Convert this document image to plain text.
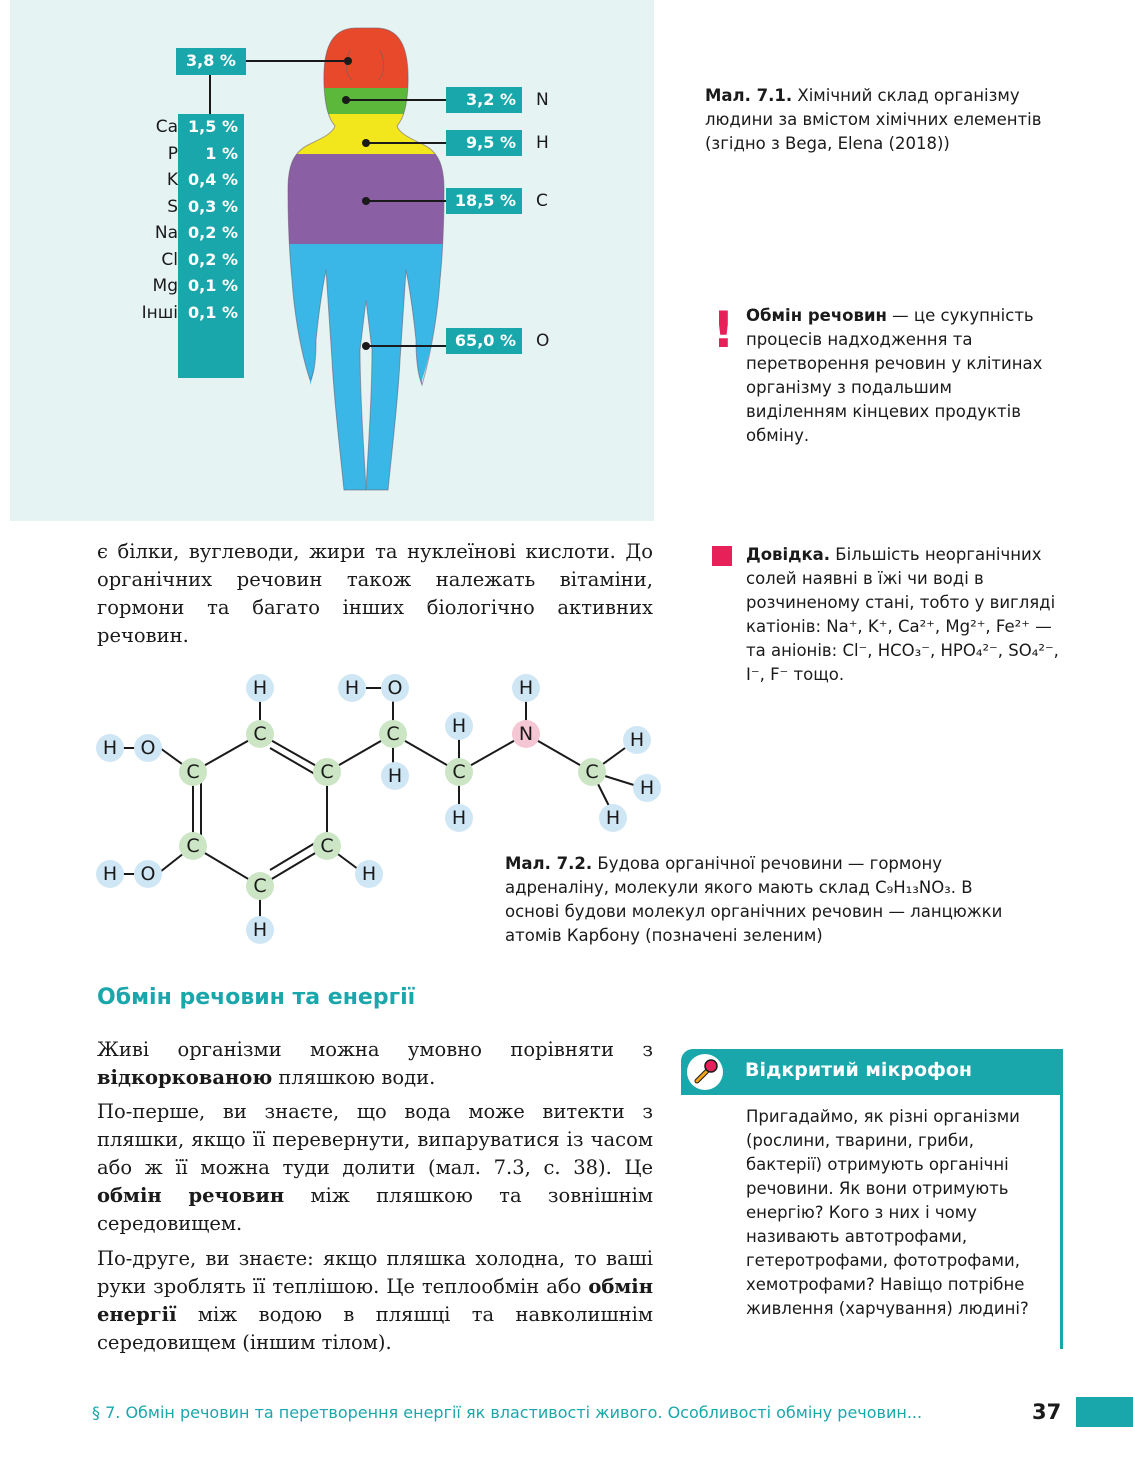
3,8 %
Ca 1,5 %
P	1 %
K 0,4 %
S 0,3 %
Na 0,2 %
Cl 0,2 %
Mg 0,1 %
Інші 0,1 %
3,2 %	N
9,5 %	H
18,5 %	C
65,0 %	O
Мал. 7.1. Хімічний склад організму людини за вмістом хімічних елементів (згідно з Bega, Elena (2018))
! Обмін речовин — це сукупність процесів надходження та перетворення речовин у клітинах організму з подальшим виділенням кінцевих продуктів обміну.
Довідка. Більшість неорганічних солей наявні в їжі чи воді в розчиненому стані, тобто у вигляді катіонів: Na⁺, K⁺, Ca²⁺, Mg²⁺, Fe²⁺ — та аніонів: Cl⁻, HCO₃⁻, HPO₄²⁻, SO₄²⁻, I⁻, F⁻ тощо.
є білки, вуглеводи, жири та нуклеїнові кислоти. До органічних речовин також належать вітаміни, гормони та багато інших біологічно активних речовин.
H	H	O	H
H	O
C
C
C
C	H	N	H
C	C
H
H
C
H
C
H
O
C
H
H
H	Мал. 7.2. Будова органічної речовини — гормону адреналіну, молекули якого мають склад C₉H₁₃NO₃. В основі будови молекул органічних речовин — ланцюжки атомів Карбону (позначені зеленим)
Обмін речовин та енергії
Живі організми можна умовно порівняти з відкоркованою пляшкою води.
По-перше, ви знаєте, що вода може витекти з пляшки, якщо її перевернути, випаруватися із часом або ж її можна туди долити (мал. 7.3, с. 38). Це обмін речовин між пляшкою та зовнішнім середовищем.
По-друге, ви знаєте: якщо пляшка холодна, то ваші руки зроблять її теплішою. Це теплообмін або обмін енергії між водою в пляшці та навколишнім середовищем (іншим тілом).
Відкритий мікрофон
Пригадаймо, як різні організми (рослини, тварини, гриби, бактерії) отримують органічні речовини. Як вони отримують енергію? Кого з них і чому називають автотрофами, гетеротрофами, фототрофами, хемотрофами? Навіщо потрібне живлення (харчування) людині?
§ 7. Обмін речовин та перетворення енергії як властивості живого. Особливості обміну речовин...	37
